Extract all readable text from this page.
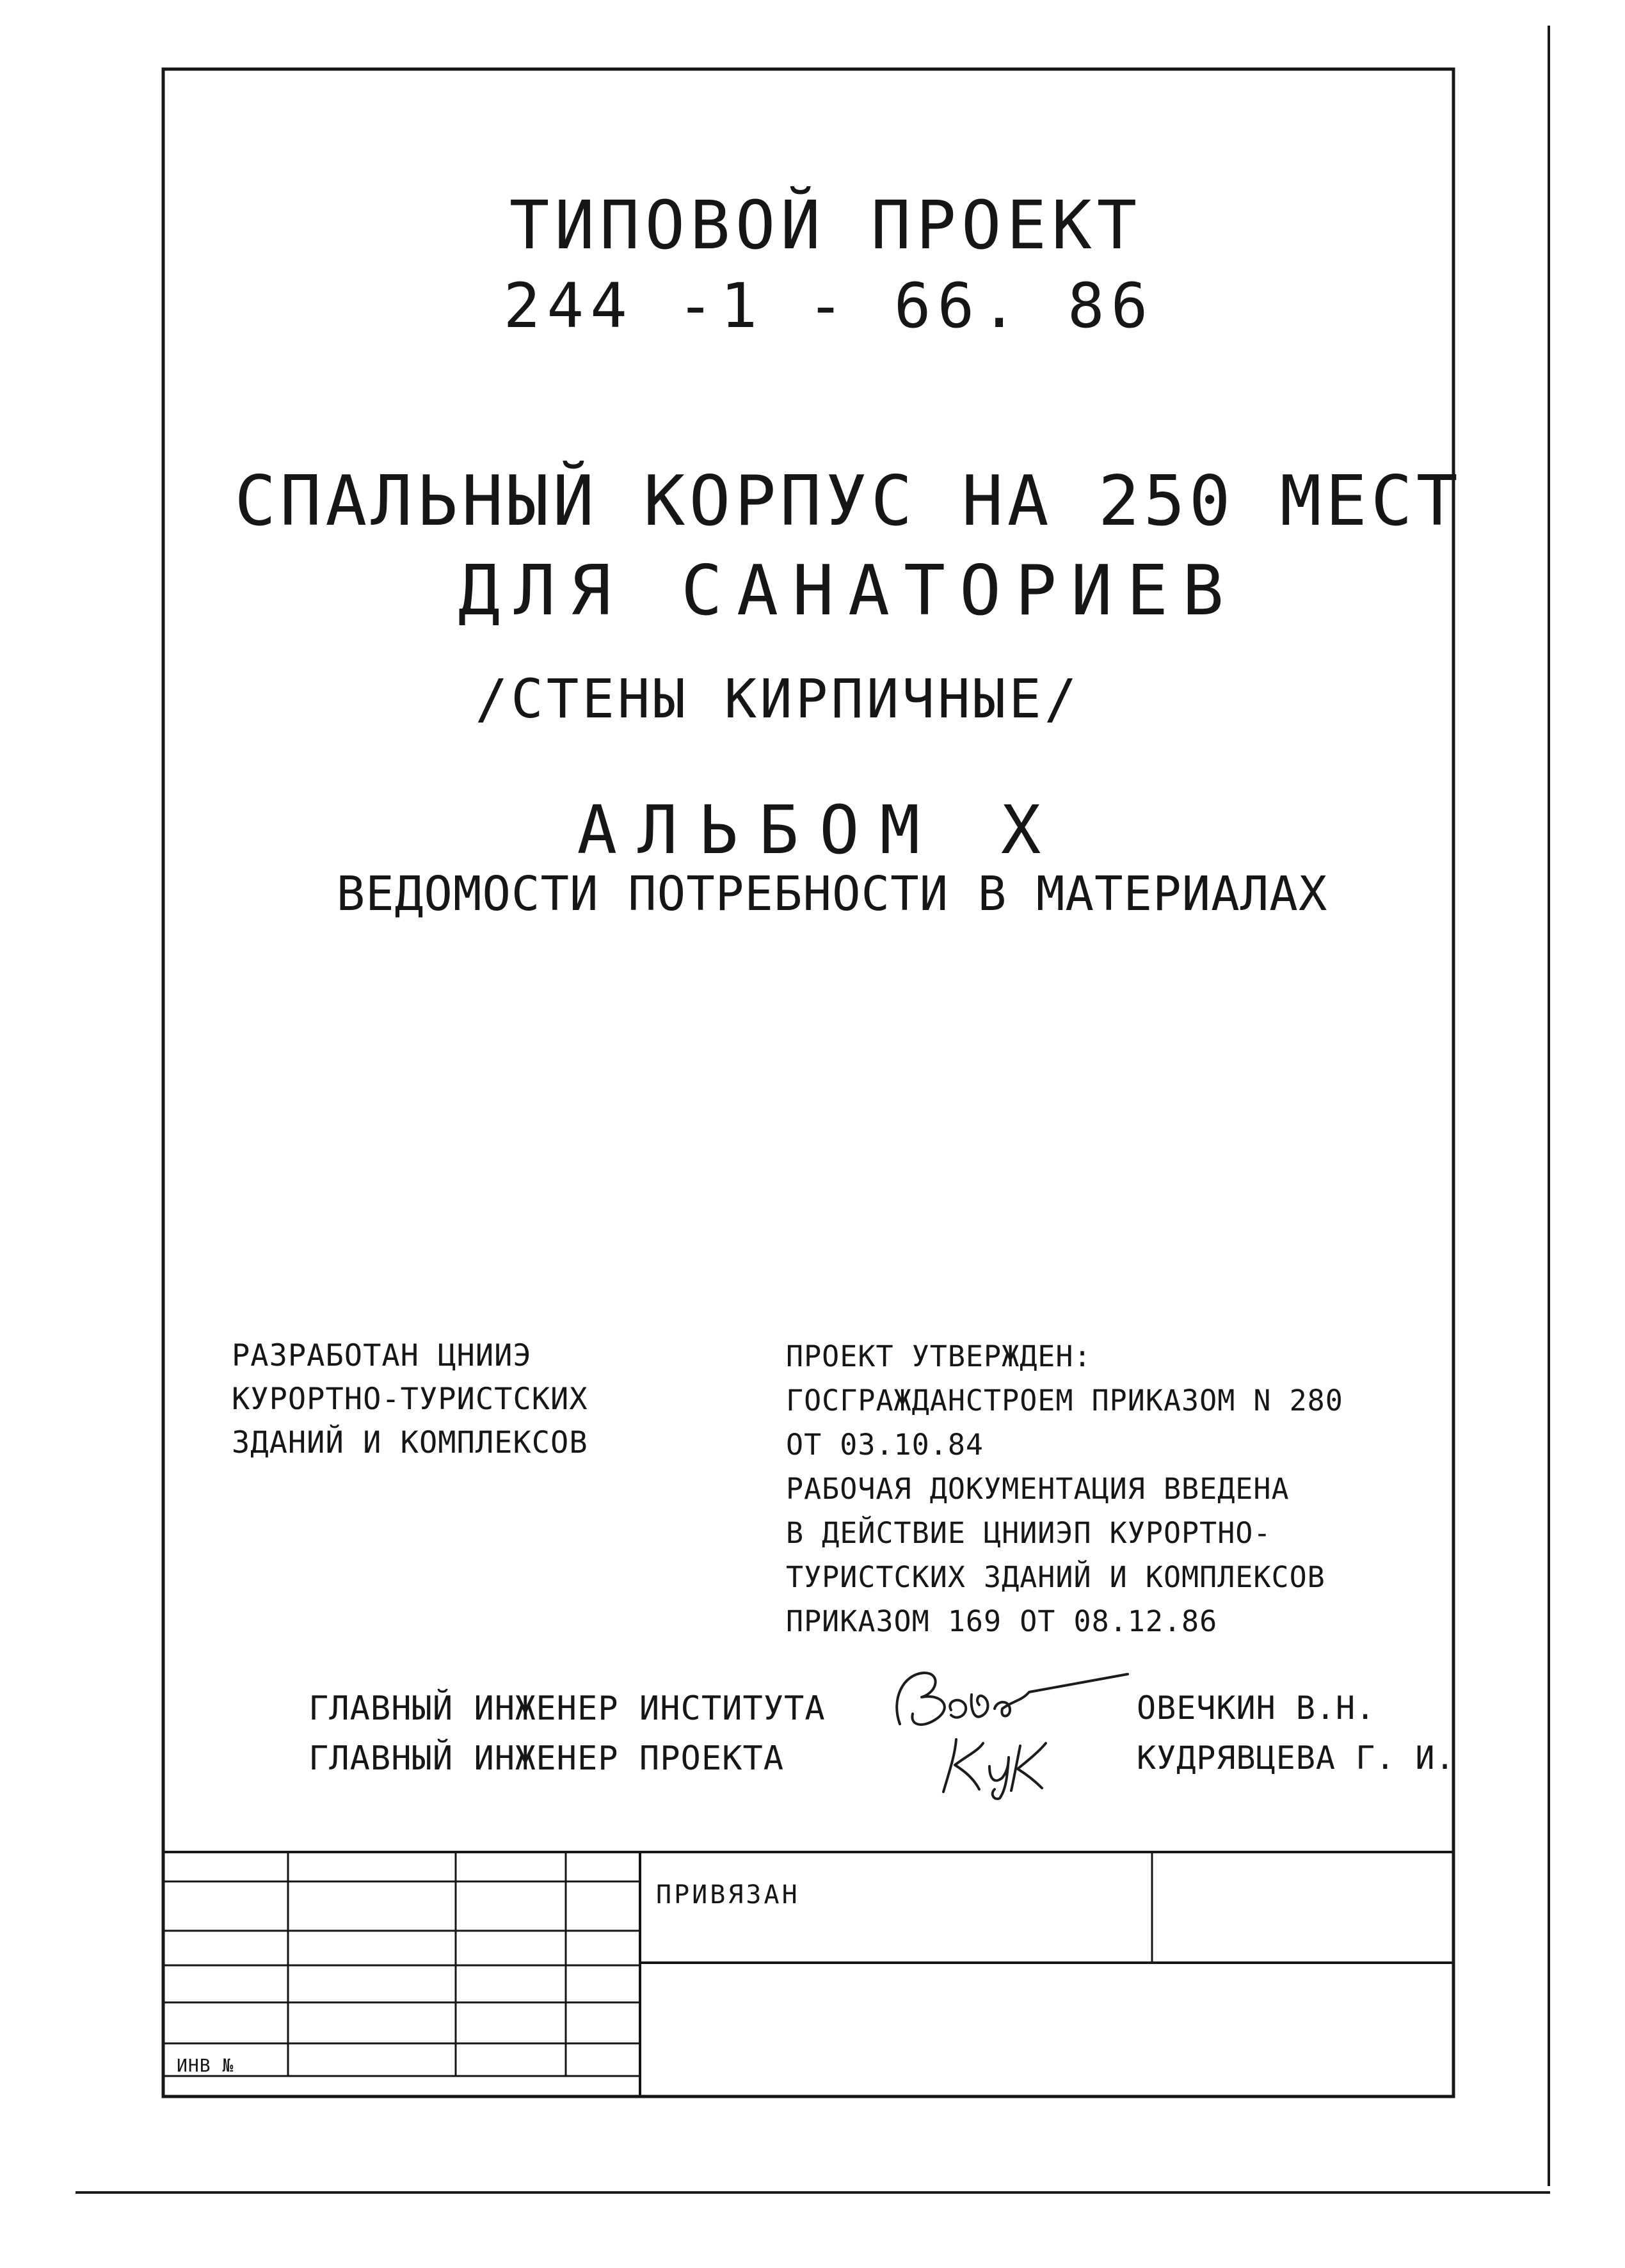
ТИПОВОЙ ПРОЕКТ
244 -1 - 66. 86
СПАЛЬНЫЙ КОРПУС НА 250 МЕСТ
ДЛЯ САНАТОРИЕВ
/СТЕНЫ КИРПИЧНЫЕ/
АЛЬБОМ X
ВЕДОМОСТИ ПОТРЕБНОСТИ В МАТЕРИАЛАХ
РАЗРАБОТАН ЦНИИЭ
КУРОРТНО-ТУРИСТСКИХ
ЗДАНИЙ И КОМПЛЕКСОВ
ПРОЕКТ УТВЕРЖДЕН:
ГОСГРАЖДАНСТРОЕМ ПРИКАЗОМ N 280
ОТ 03.10.84
РАБОЧАЯ ДОКУМЕНТАЦИЯ ВВЕДЕНА
В ДЕЙСТВИЕ ЦНИИЭП КУРОРТНО-
ТУРИСТСКИХ ЗДАНИЙ И КОМПЛЕКСОВ
ПРИКАЗОМ 169 ОТ 08.12.86
ГЛАВНЫЙ ИНЖЕНЕР ИНСТИТУТА	ОВЕЧКИН В.Н.
ГЛАВНЫЙ ИНЖЕНЕР ПРОЕКТА	КУДРЯВЦЕВА Г. И.
ПРИВЯЗАН
ИНВ №
